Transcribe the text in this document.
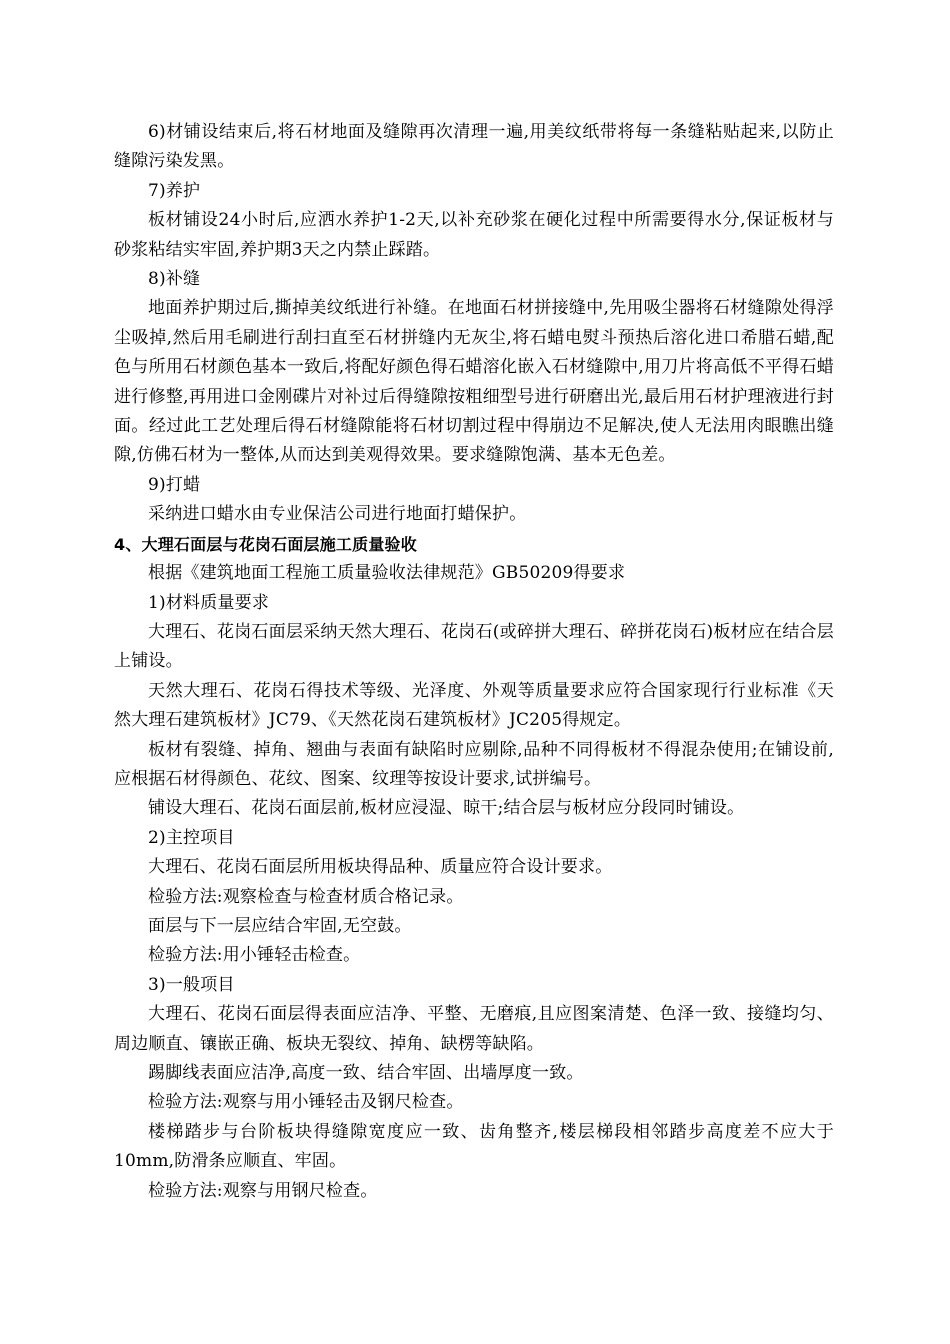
6)材铺设结束后,将石材地面及缝隙再次清理一遍,用美纹纸带将每一条缝粘贴起来,以防止缝隙污染发黑。

7)养护

板材铺设24小时后,应洒水养护1-2天,以补充砂浆在硬化过程中所需要得水分,保证板材与砂浆粘结实牢固,养护期3天之内禁止踩踏。

8)补缝

地面养护期过后,撕掉美纹纸进行补缝。在地面石材拼接缝中,先用吸尘器将石材缝隙处得浮尘吸掉,然后用毛刷进行刮扫直至石材拼缝内无灰尘,将石蜡电熨斗预热后溶化进口希腊石蜡,配色与所用石材颜色基本一致后,将配好颜色得石蜡溶化嵌入石材缝隙中,用刀片将高低不平得石蜡进行修整,再用进口金刚碟片对补过后得缝隙按粗细型号进行研磨出光,最后用石材护理液进行封面。经过此工艺处理后得石材缝隙能将石材切割过程中得崩边不足解决,使人无法用肉眼瞧出缝隙,仿佛石材为一整体,从而达到美观得效果。要求缝隙饱满、基本无色差。

9)打蜡

采纳进口蜡水由专业保洁公司进行地面打蜡保护。

4、大理石面层与花岗石面层施工质量验收

根据《建筑地面工程施工质量验收法律规范》GB50209得要求

1)材料质量要求

大理石、花岗石面层采纳天然大理石、花岗石(或碎拼大理石、碎拼花岗石)板材应在结合层上铺设。

天然大理石、花岗石得技术等级、光泽度、外观等质量要求应符合国家现行行业标准《天然大理石建筑板材》JC79、《天然花岗石建筑板材》JC205得规定。

板材有裂缝、掉角、翘曲与表面有缺陷时应剔除,品种不同得板材不得混杂使用;在铺设前,应根据石材得颜色、花纹、图案、纹理等按设计要求,试拼编号。

铺设大理石、花岗石面层前,板材应浸湿、晾干;结合层与板材应分段同时铺设。

2)主控项目

大理石、花岗石面层所用板块得品种、质量应符合设计要求。

检验方法:观察检查与检查材质合格记录。

面层与下一层应结合牢固,无空鼓。

检验方法:用小锤轻击检查。

3)一般项目

大理石、花岗石面层得表面应洁净、平整、无磨痕,且应图案清楚、色泽一致、接缝均匀、周边顺直、镶嵌正确、板块无裂纹、掉角、缺楞等缺陷。

踢脚线表面应洁净,高度一致、结合牢固、出墙厚度一致。

检验方法:观察与用小锤轻击及钢尺检查。

楼梯踏步与台阶板块得缝隙宽度应一致、齿角整齐,楼层梯段相邻踏步高度差不应大于10mm,防滑条应顺直、牢固。

检验方法:观察与用钢尺检查。
